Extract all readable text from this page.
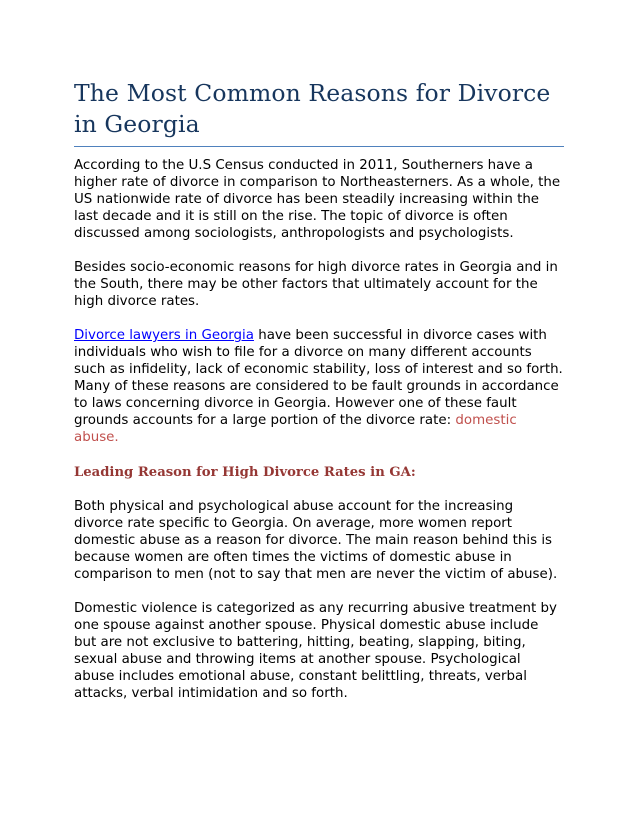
The Most Common Reasons for Divorce in Georgia

According to the U.S Census conducted in 2011, Southerners have a higher rate of divorce in comparison to Northeasterners. As a whole, the US nationwide rate of divorce has been steadily increasing within the last decade and it is still on the rise. The topic of divorce is often discussed among sociologists, anthropologists and psychologists.

Besides socio-economic reasons for high divorce rates in Georgia and in the South, there may be other factors that ultimately account for the high divorce rates.

Divorce lawyers in Georgia have been successful in divorce cases with individuals who wish to file for a divorce on many different accounts such as infidelity, lack of economic stability, loss of interest and so forth. Many of these reasons are considered to be fault grounds in accordance to laws concerning divorce in Georgia. However one of these fault grounds accounts for a large portion of the divorce rate: domestic abuse.

Leading Reason for High Divorce Rates in GA:

Both physical and psychological abuse account for the increasing divorce rate specific to Georgia. On average, more women report domestic abuse as a reason for divorce. The main reason behind this is because women are often times the victims of domestic abuse in comparison to men (not to say that men are never the victim of abuse).

Domestic violence is categorized as any recurring abusive treatment by one spouse against another spouse. Physical domestic abuse include but are not exclusive to battering, hitting, beating, slapping, biting, sexual abuse and throwing items at another spouse. Psychological abuse includes emotional abuse, constant belittling, threats, verbal attacks, verbal intimidation and so forth.
